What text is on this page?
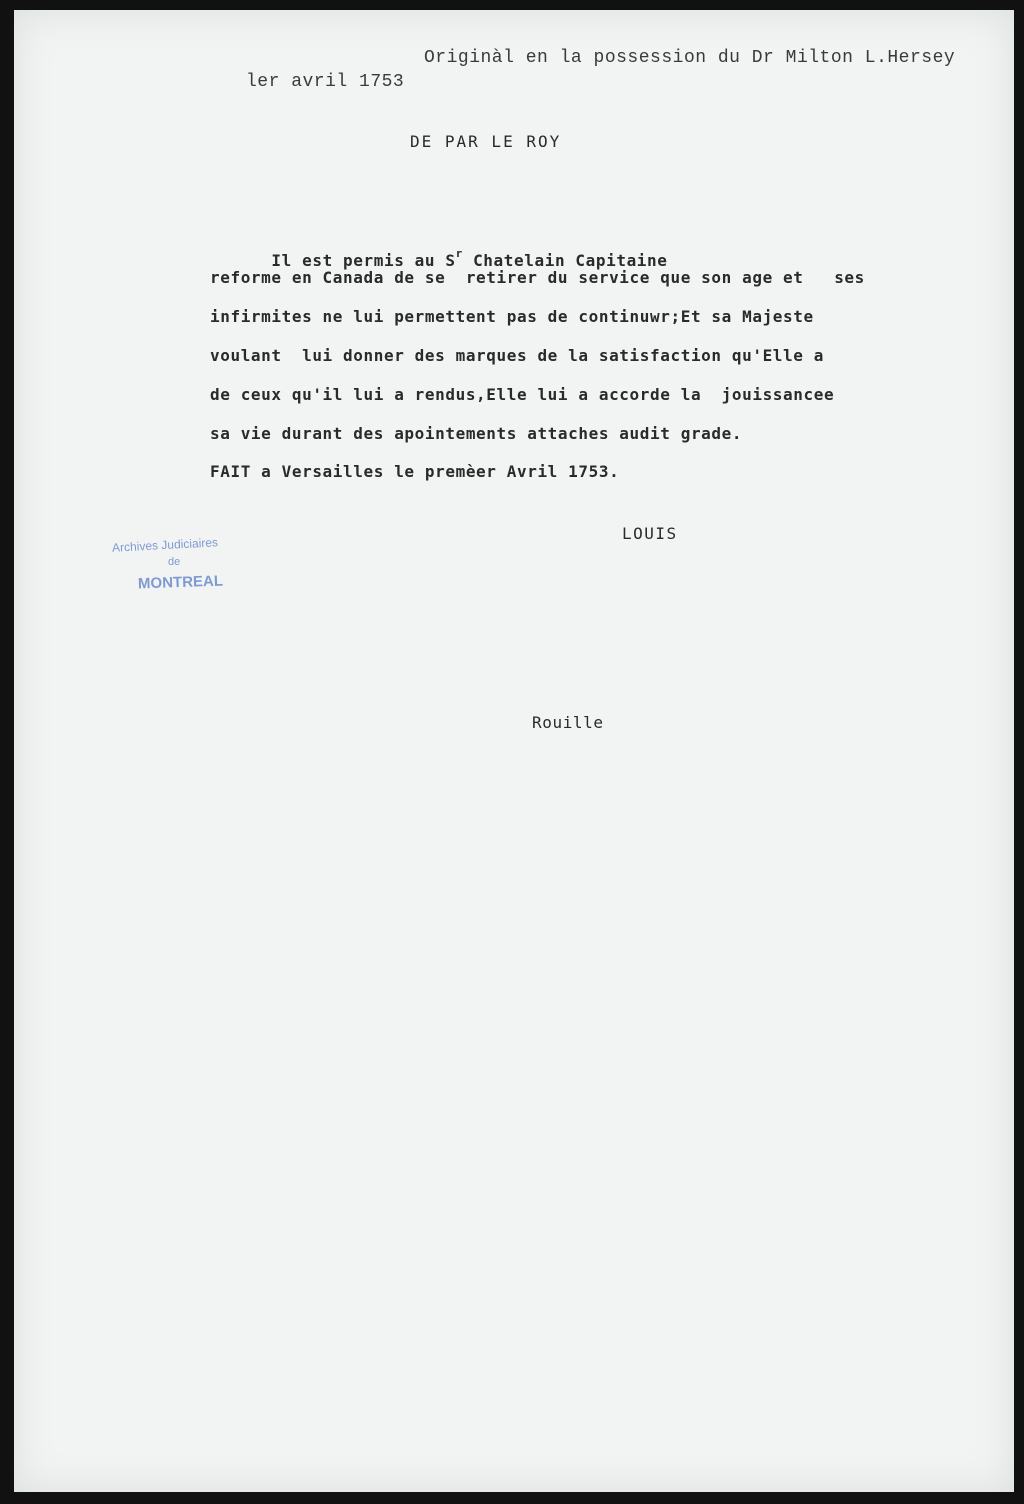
Originàl en la possession du Dr Milton L.Hersey
ler avril 1753
DE PAR LE ROY

Il est permis au $S^r$ Chatelain Capitaine

reforme en Canada de se  retirer du service que son age et   ses
infirmites ne lui permettent pas de continuwr;Et sa Majeste
voulant  lui donner des marques de la satisfaction qu'Elle a
de ceux qu'il lui a rendus,Elle lui a accorde la  jouissancee
sa vie durant des apointements attaches audit grade.
FAIT a Versailles le premèer Avril 1753.
LOUIS
Rouille
Archives Judiciaires
de
MONTREAL
